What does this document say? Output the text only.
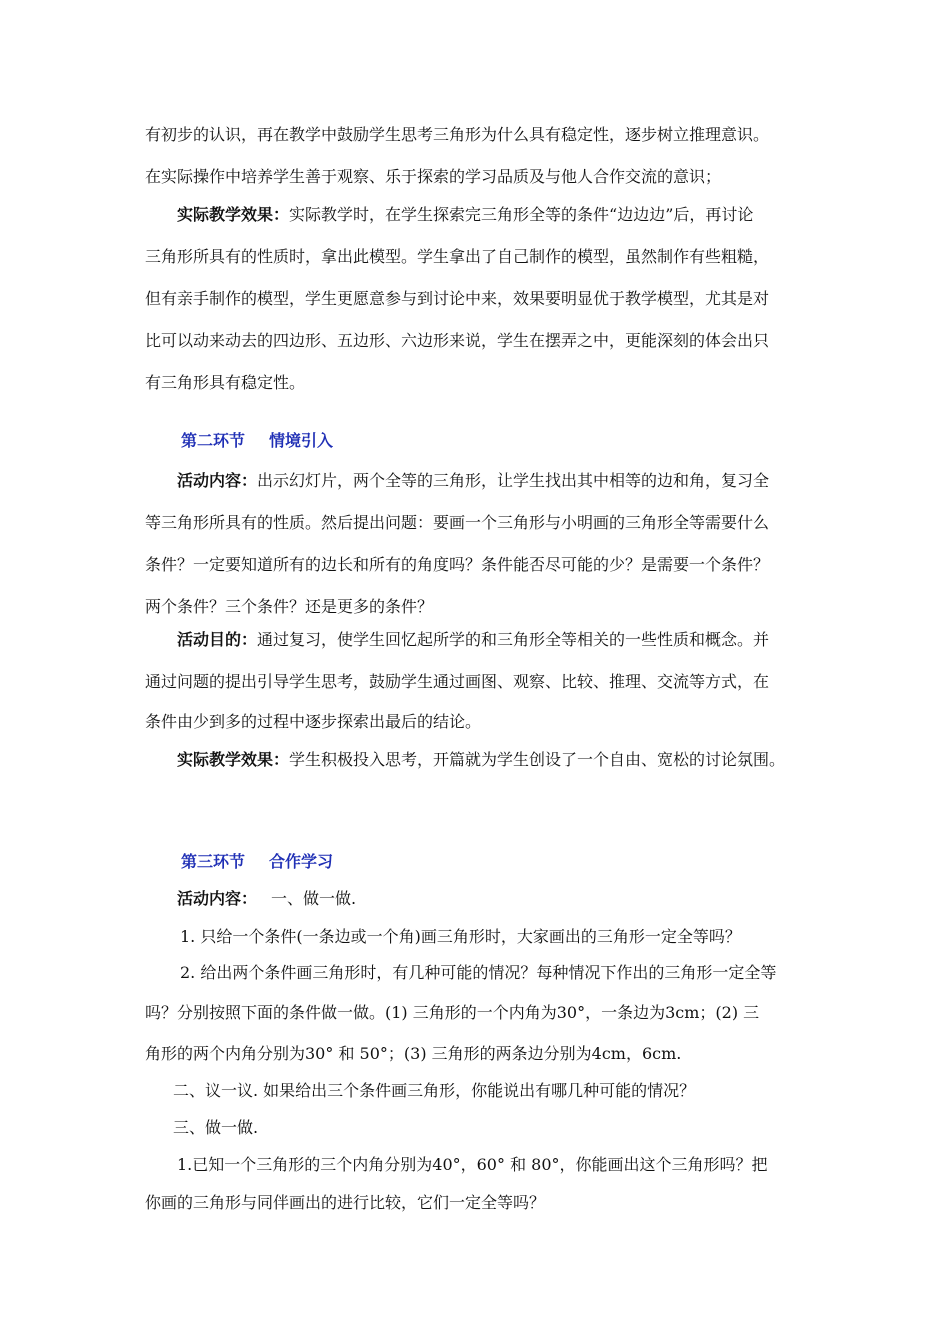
有初步的认识，再在教学中鼓励学生思考三角形为什么具有稳定性，逐步树立推理意识。
在实际操作中培养学生善于观察、乐于探索的学习品质及与他人合作交流的意识；
实际教学效果：实际教学时，在学生探索完三角形全等的条件“边边边”后，再讨论
三角形所具有的性质时，拿出此模型。学生拿出了自己制作的模型，虽然制作有些粗糙，
但有亲手制作的模型，学生更愿意参与到讨论中来，效果要明显优于教学模型，尤其是对
比可以动来动去的四边形、五边形、六边形来说，学生在摆弄之中，更能深刻的体会出只
有三角形具有稳定性。
第二环节 情境引入
活动内容：出示幻灯片，两个全等的三角形，让学生找出其中相等的边和角，复习全
等三角形所具有的性质。然后提出问题：要画一个三角形与小明画的三角形全等需要什么
条件？一定要知道所有的边长和所有的角度吗？条件能否尽可能的少？是需要一个条件？
两个条件？三个条件？还是更多的条件？
活动目的：通过复习，使学生回忆起所学的和三角形全等相关的一些性质和概念。并
通过问题的提出引导学生思考，鼓励学生通过画图、观察、比较、推理、交流等方式，在
条件由少到多的过程中逐步探索出最后的结论。
实际教学效果：学生积极投入思考，开篇就为学生创设了一个自由、宽松的讨论氛围。
第三环节 合作学习
活动内容： 一、做一做.
1. 只给一个条件(一条边或一个角)画三角形时，大家画出的三角形一定全等吗？
2. 给出两个条件画三角形时，有几种可能的情况？每种情况下作出的三角形一定全等
吗？分别按照下面的条件做一做。(1) 三角形的一个内角为30°，一条边为3cm；(2) 三
角形的两个内角分别为30° 和 50°；(3) 三角形的两条边分别为4cm，6cm.
二、议一议. 如果给出三个条件画三角形，你能说出有哪几种可能的情况？
三、做一做.
1.已知一个三角形的三个内角分别为40°，60° 和 80°，你能画出这个三角形吗？把
你画的三角形与同伴画出的进行比较，它们一定全等吗？
